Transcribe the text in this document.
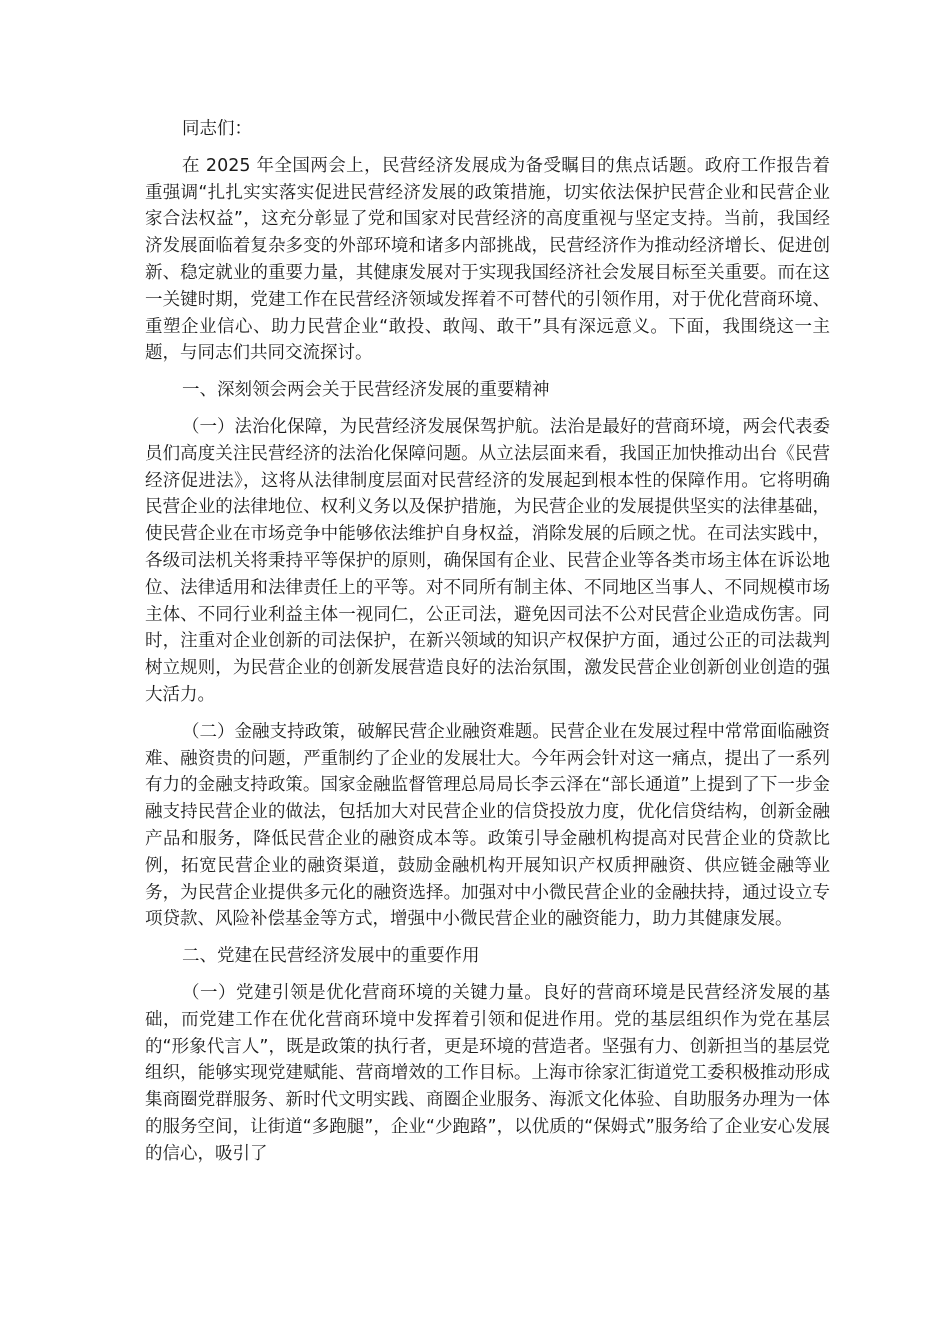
同志们：

在 2025 年全国两会上，民营经济发展成为备受瞩目的焦点话题。政府工作报告着重强调“扎扎实实落实促进民营经济发展的政策措施，切实依法保护民营企业和民营企业家合法权益”，这充分彰显了党和国家对民营经济的高度重视与坚定支持。当前，我国经济发展面临着复杂多变的外部环境和诸多内部挑战，民营经济作为推动经济增长、促进创新、稳定就业的重要力量，其健康发展对于实现我国经济社会发展目标至关重要。而在这一关键时期，党建工作在民营经济领域发挥着不可替代的引领作用，对于优化营商环境、重塑企业信心、助力民营企业“敢投、敢闯、敢干”具有深远意义。下面，我围绕这一主题，与同志们共同交流探讨。

一、深刻领会两会关于民营经济发展的重要精神

（一）法治化保障，为民营经济发展保驾护航。法治是最好的营商环境，两会代表委员们高度关注民营经济的法治化保障问题。从立法层面来看，我国正加快推动出台《民营经济促进法》，这将从法律制度层面对民营经济的发展起到根本性的保障作用。它将明确民营企业的法律地位、权利义务以及保护措施，为民营企业的发展提供坚实的法律基础，使民营企业在市场竞争中能够依法维护自身权益，消除发展的后顾之忧。在司法实践中，各级司法机关将秉持平等保护的原则，确保国有企业、民营企业等各类市场主体在诉讼地位、法律适用和法律责任上的平等。对不同所有制主体、不同地区当事人、不同规模市场主体、不同行业利益主体一视同仁，公正司法，避免因司法不公对民营企业造成伤害。同时，注重对企业创新的司法保护，在新兴领域的知识产权保护方面，通过公正的司法裁判树立规则，为民营企业的创新发展营造良好的法治氛围，激发民营企业创新创业创造的强大活力。

（二）金融支持政策，破解民营企业融资难题。民营企业在发展过程中常常面临融资难、融资贵的问题，严重制约了企业的发展壮大。今年两会针对这一痛点，提出了一系列有力的金融支持政策。国家金融监督管理总局局长李云泽在“部长通道”上提到了下一步金融支持民营企业的做法，包括加大对民营企业的信贷投放力度，优化信贷结构，创新金融产品和服务，降低民营企业的融资成本等。政策引导金融机构提高对民营企业的贷款比例，拓宽民营企业的融资渠道，鼓励金融机构开展知识产权质押融资、供应链金融等业务，为民营企业提供多元化的融资选择。加强对中小微民营企业的金融扶持，通过设立专项贷款、风险补偿基金等方式，增强中小微民营企业的融资能力，助力其健康发展。

二、党建在民营经济发展中的重要作用

（一）党建引领是优化营商环境的关键力量。良好的营商环境是民营经济发展的基础，而党建工作在优化营商环境中发挥着引领和促进作用。党的基层组织作为党在基层的“形象代言人”，既是政策的执行者，更是环境的营造者。坚强有力、创新担当的基层党组织，能够实现党建赋能、营商增效的工作目标。上海市徐家汇街道党工委积极推动形成集商圈党群服务、新时代文明实践、商圈企业服务、海派文化体验、自助服务办理为一体的服务空间，让街道“多跑腿”，企业“少跑路”，以优质的“保姆式”服务给了企业安心发展的信心，吸引了
